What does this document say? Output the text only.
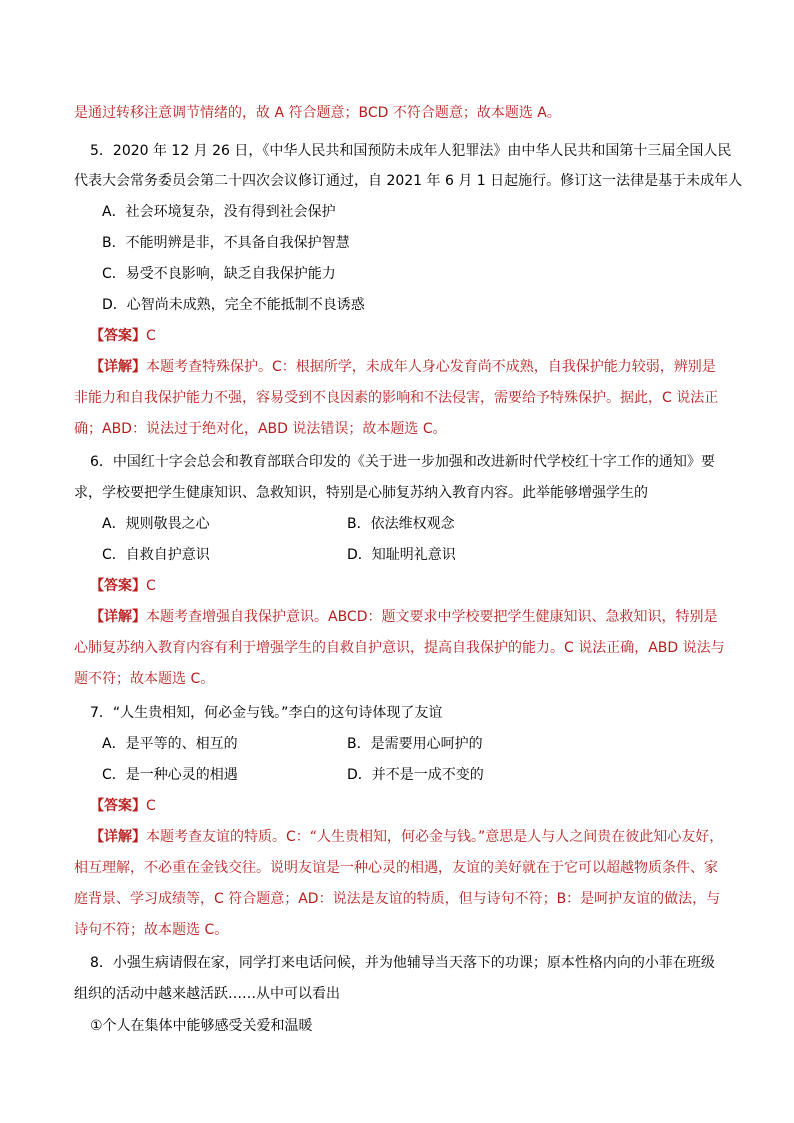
是通过转移注意调节情绪的，故 A 符合题意；BCD 不符合题意；故本题选 A。
5．2020 年 12 月 26 日，《中华人民共和国预防未成年人犯罪法》由中华人民共和国第十三届全国人民
代表大会常务委员会第二十四次会议修订通过，自 2021 年 6 月 1 日起施行。修订这一法律是基于未成年人
A．社会环境复杂，没有得到社会保护
B．不能明辨是非，不具备自我保护智慧
C．易受不良影响，缺乏自我保护能力
D．心智尚未成熟，完全不能抵制不良诱惑
【答案】C
【详解】本题考查特殊保护。C：根据所学，未成年人身心发育尚不成熟，自我保护能力较弱，辨别是
非能力和自我保护能力不强，容易受到不良因素的影响和不法侵害，需要给予特殊保护。据此，C 说法正
确；ABD：说法过于绝对化，ABD 说法错误；故本题选 C。
6．中国红十字会总会和教育部联合印发的《关于进一步加强和改进新时代学校红十字工作的通知》要
求，学校要把学生健康知识、急救知识，特别是心肺复苏纳入教育内容。此举能够增强学生的
A．规则敬畏之心	B．依法维权观念
C．自救自护意识	D．知耻明礼意识
【答案】C
【详解】本题考查增强自我保护意识。ABCD：题文要求中学校要把学生健康知识、急救知识，特别是
心肺复苏纳入教育内容有利于增强学生的自救自护意识，提高自我保护的能力。C 说法正确，ABD 说法与
题不符；故本题选 C。
7．“人生贵相知，何必金与钱。”李白的这句诗体现了友谊
A．是平等的、相互的	B．是需要用心呵护的
C．是一种心灵的相遇	D．并不是一成不变的
【答案】C
【详解】本题考查友谊的特质。C：“人生贵相知，何必金与钱。”意思是人与人之间贵在彼此知心友好，
相互理解，不必重在金钱交往。说明友谊是一种心灵的相遇，友谊的美好就在于它可以超越物质条件、家
庭背景、学习成绩等，C 符合题意；AD：说法是友谊的特质，但与诗句不符；B：是呵护友谊的做法，与
诗句不符；故本题选 C。
8．小强生病请假在家，同学打来电话问候，并为他辅导当天落下的功课；原本性格内向的小菲在班级
组织的活动中越来越活跃……从中可以看出
①个人在集体中能够感受关爱和温暖
